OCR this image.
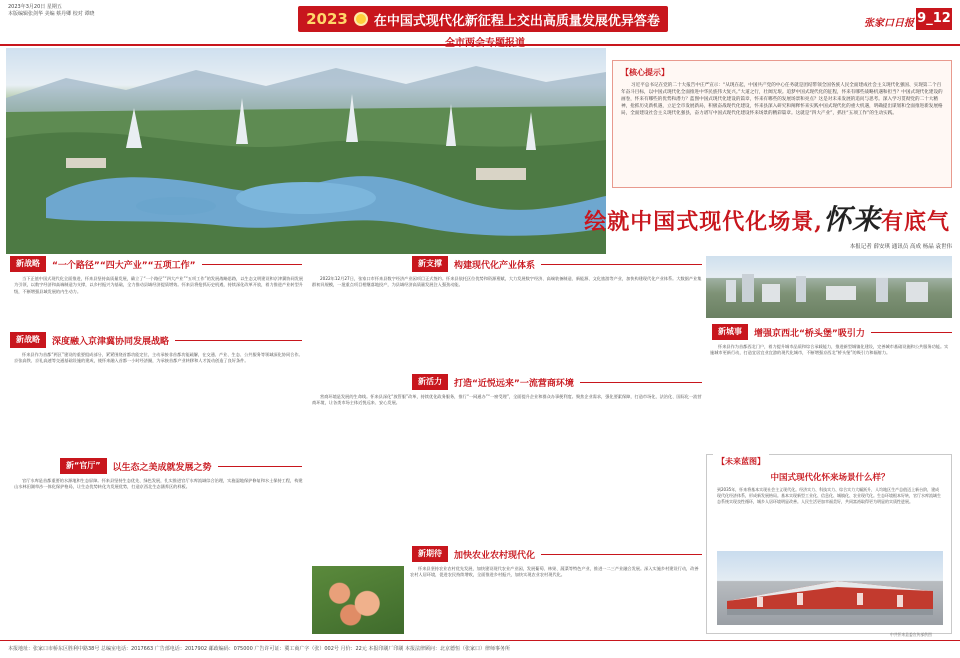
2023年3月20日 星期五
本版编辑张剑华 美编 蔡丹卿 校对 谭晓	2023 在中国式现代化新征程上交出高质量发展优异答卷	张家口日报 9_12
【核心提示】
习近平总书记在党的二十大报告中庄严宣示：“从现在起，中国共产党的中心任务就是团结带领全国各族人民全面建成社会主义现代化强国、实现第二个百年奋斗目标，以中国式现代化全面推进中华民族伟大复兴。”大道之行，壮阔无垠。追梦中国式现代化的征程，怀来有哪些战略机遇和担当？中国式现代化建设的画卷，怀来有哪些的优势和潜力？蓝图中国式现代化建设的篇章，怀来有哪些的发展场景和亮点？这是对未来发展的追问与思考。深入学习贯彻党的二十大精神，抢抓历史新机遇，立足全市发展新局，积极奋战现代化建设，怀来县深入研究和阐释怀来实践中国式现代化的重大机遇，明确提出谋划和全面推进新发展格局，全面建设社会主义现代化强县，奋力谱写中国式现代化建设怀来场景的精彩篇章。这就是“四大产业”，抓住“五项工作”的生动实践。
绘就中国式现代化场景,怀来有底气
本报记者 薛安琪 通讯员 高成 杨晶 袁世伟
新战略	“一个路径”“四大产业”“五项工作”

当下正值中国式现代化全面推进，怀来县坚持高质量发展，确立了“一个路径”“四大产业”“五项工作”的发展战略思路，以生态文明建设和京津冀协同发展为引领，以数字经济和高端制造为支撑，以乡村振兴为基础，全力推动县域经济提质增效。怀来县将抢抓历史机遇，持续深化改革开放，着力推进产业转型升级，不断增强县域发展的内生动力。

新战略	深度融入京津冀协同发展战略

怀来县作为首都“两区”建设的重要组成部分，紧紧围绕首都功能定位，主动承接非首都功能疏解，在交通、产业、生态、公共服务等领域深化协同合作。京张高铁、京礼高速等交通基础设施的建成，使怀来融入首都一小时经济圈，为承接首都产业转移和人才流动创造了良好条件。

新“官厅”	以生态之美成就发展之势

官厅水库是首都重要的水源地和生态屏障。怀来县坚持生态优先、绿色发展，扎实推进官厅水库流域综合治理，实施湿地保护修复和水土保持工程，构建山水林田湖草沙一体化保护格局，让生态优势转化为发展优势，打造京西北生态涵养区的样板。

新支撑	构建现代化产业体系

2022年12月27日，张家口市怀来县数字经济产业园项目正式签约。怀来县依托区位优势和资源禀赋，大力发展数字经济、高端装备制造、新能源、文化旅游等产业，加快构建现代化产业体系。大数据产业集群初具规模，一批重点项目相继落地投产，为县域经济高质量发展注入强劲动能。

新活力	打造“近悦远来”一流营商环境

营商环境是发展的生命线。怀来县深化“放管服”改革，持续优化政务服务，推行“一网通办”“一窗受理”，全面提升企业和群众办事便利度。聚焦企业需求，强化要素保障，打造市场化、法治化、国际化一流营商环境，让各类市场主体近悦远来、安心发展。

新期待	加快农业农村现代化

怀来县坚持农业农村优先发展，加快建设现代农业产业园，发展葡萄、林果、蔬菜等特色产业，推进一二三产业融合发展。深入实施乡村建设行动，改善农村人居环境，促进农民持续增收，全面推进乡村振兴，加快实现农业农村现代化。

新城事	增强京西北“桥头堡”吸引力

怀来县作为首都西北门户，着力提升城市品质和综合承载能力，推进新型城镇化建设，完善城市基础设施和公共服务功能。实施城市更新行动，打造宜居宜业宜游的现代化城市，不断增强京西北“桥头堡”的吸引力和辐射力。

【未来蓝图】
中国式现代化怀来场景什么样？
到2035年，怀来将基本实现社会主义现代化。经济实力、科技实力、综合实力大幅跃升，人均地区生产总值迈上新台阶，建成现代化经济体系，形成新发展格局。基本实现新型工业化、信息化、城镇化、农业现代化。生态环境根本好转，官厅水库流域生态系统实现良性循环，城乡人居环境明显改善。人民生活更加幸福美好，共同富裕取得更为明显的实质性进展。
中共怀来县委宣传部供图
本报地址：张家口市桥东区胜利中路38号 总编室电话：2017663 广告部电话：2017902 邮政编码：075000 广告许可证：冀工商广字（张）002号 月价：22元 本报印刷厂印刷 本报法律顾问：北京德恒（张家口）律师事务所
